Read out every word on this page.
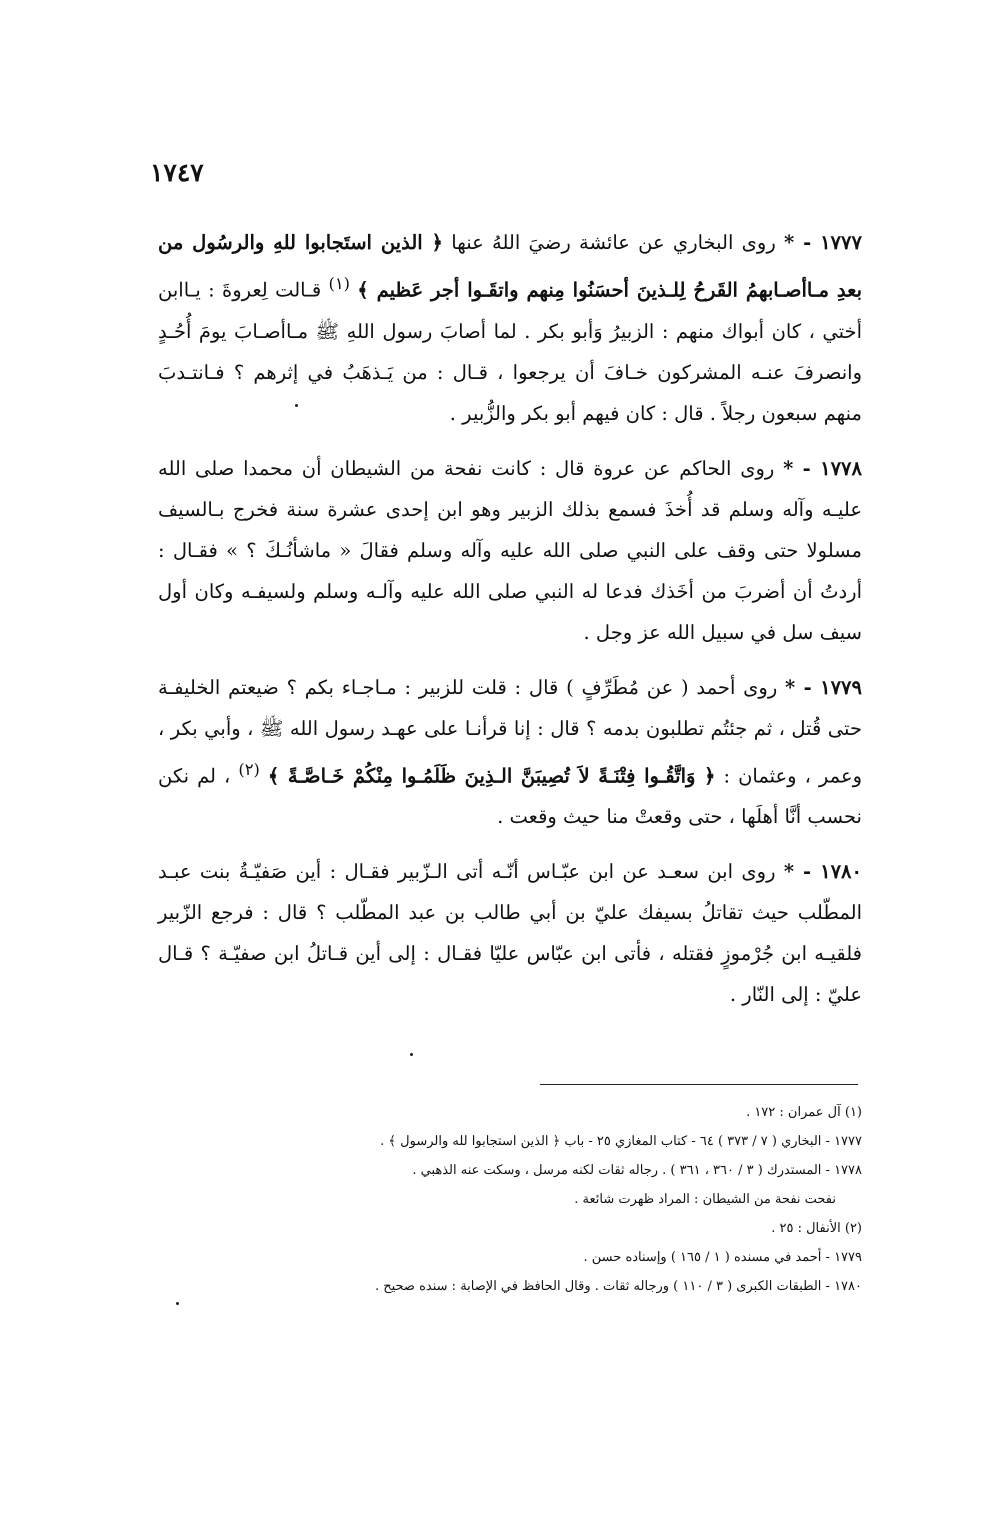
١٧٤٧

١٧٧٧ - * روى البخاري عن عائشة رضيَ اللهُ عنها ﴿ الذين استَجابوا للهِ والرسُول من بعدِ مـاأصـابهمُ القَرحُ لِلـذينَ أحسَنُوا مِنهم واتقَـوا أجر عَظيم ﴾ $^{(١)}$ قـالت لِعروةَ : يـاابن أختي ، كان أبواك منهم : الزبيرُ وَأبو بكر . لما أصابَ رسول اللهِ ﷺ مـاأصـابَ يومَ أُحُـدٍ وانصرفَ عنـه المشركون خـافَ أن يرجعوا ، قـال : من يَـذهَبُ في إثرهم ؟ فـانتـدبَ منهم سبعون رجلاً . قال : كان فيهم أبو بكر والزُّبير .

١٧٧٨ - * روى الحاكم عن عروة قال : كانت نفحة من الشيطان أن محمدا صلى الله عليـه وآله وسلم قد أُخذَ فسمع بذلك الزبير وهو ابن إحدى عشرة سنة فخرج بـالسيف مسلولا حتى وقف على النبي صلى الله عليه وآله وسلم فقالَ « ماشأنُـكَ ؟ » فقـال : أردتُ أن أضربَ من أخَذك فدعا له النبي صلى الله عليه وآلـه وسلم ولسيفـه وكان أول سيف سل في سبيل الله عز وجل .

١٧٧٩ - * روى أحمد ( عن مُطَرِّفٍ ) قال : قلت للزبير : مـاجـاء بكم ؟ ضيعتم الخليفـة حتى قُتل ، ثم جئتُم تطلبون بدمه ؟ قال : إنا قرأنـا على عهـد رسول الله ﷺ ، وأبي بكر ، وعمر ، وعثمان : ﴿ وَاتَّقُـوا فِتْنَـةً لاَ تُصِيبَنَّ الـذِينَ ظَلَمُـوا مِنْكُمْ خَـاصَّـةً ﴾ $^{(٢)}$ ، لم نكن نحسب أنَّا أهلَها ، حتى وقعتْ منا حيث وقعت .

١٧٨٠ - * روى ابن سعـد عن ابن عبّـاس أنّـه أتى الـزّبير فقـال : أين صَفيّـةُ بنت عبـد المطّلب حيث تقاتلُ بسيفك عليّ بن أبي طالب بن عبد المطّلب ؟ قال : فرجع الزّبير فلقيـه ابن جُرْموزٍ فقتله ، فأتى ابن عبّاس عليّا فقـال : إلى أين قـاتلُ ابن صفيّـة ؟ قـال عليّ : إلى النّار .

(١) آل عمران : ١٧٢ .

١٧٧٧ - البخاري ( ٧ / ٣٧٣ ) ٦٤ - كتاب المغازي ٢٥ - باب ﴿ الذين استجابوا لله والرسول ﴾ .

١٧٧٨ - المستدرك ( ٣ / ٣٦٠ ، ٣٦١ ) . رجاله ثقات لكنه مرسل ، وسكت عنه الذهبي .

نفحت نفحة من الشيطان : المراد ظهرت شائعة .

(٢) الأنفال : ٢٥ .

١٧٧٩ - أحمد في مسنده ( ١ / ١٦٥ ) وإسناده حسن .

١٧٨٠ - الطبقات الكبرى ( ٣ / ١١٠ ) ورجاله ثقات . وقال الحافظ في الإصابة : سنده صحيح .
